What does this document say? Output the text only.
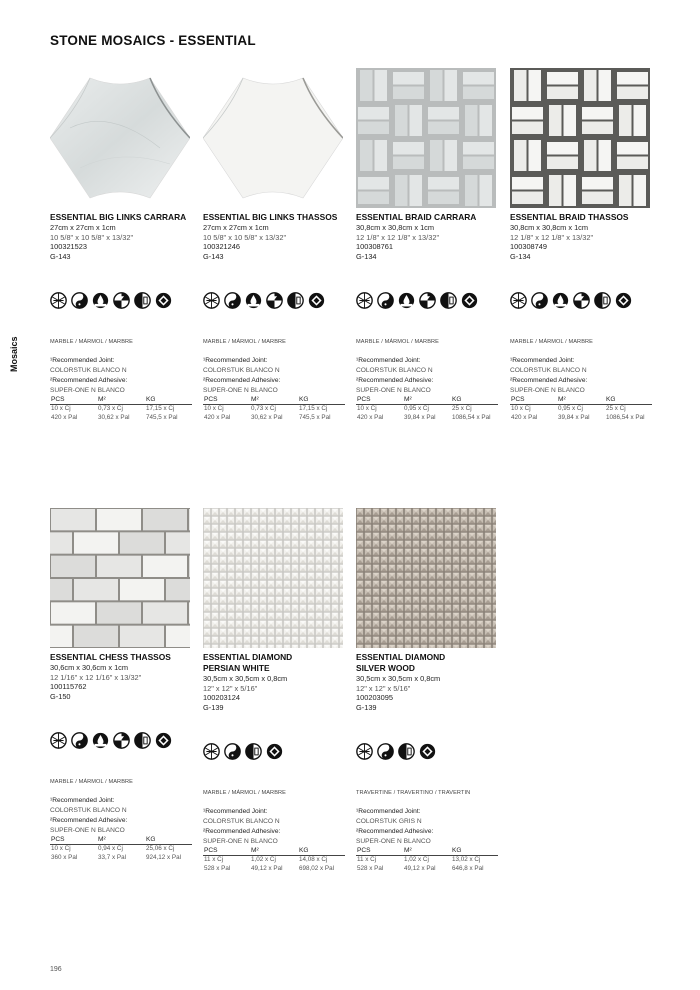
STONE MOSAICS - ESSENTIAL
Mosaics
196
ESSENTIAL BIG LINKS CARRARA
27cm x 27cm x 1cm
10 5/8" x 10 5/8" x 13/32"
100321523
G-143
MARBLE / MÁRMOL / MARBRE
¹Recommended Joint:
COLORSTUK BLANCO N
²Recommended Adhesive:
SUPER-ONE N BLANCO
PCS	M²	KG
10 x Cj	0,73 x Cj	17,15 x Cj
420 x Pal	30,62 x Pal	745,5 x Pal
ESSENTIAL BIG LINKS THASSOS
27cm x 27cm x 1cm
10 5/8" x 10 5/8" x 13/32"
100321246
G-143
MARBLE / MÁRMOL / MARBRE
¹Recommended Joint:
COLORSTUK BLANCO N
²Recommended Adhesive:
SUPER-ONE N BLANCO
PCS	M²	KG
10 x Cj	0,73 x Cj	17,15 x Cj
420 x Pal	30,62 x Pal	745,5 x Pal
ESSENTIAL BRAID CARRARA
30,8cm x 30,8cm x 1cm
12 1/8" x 12 1/8" x 13/32"
100308761
G-134
MARBLE / MÁRMOL / MARBRE
¹Recommended Joint:
COLORSTUK BLANCO N
²Recommended Adhesive:
SUPER-ONE N BLANCO
PCS	M²	KG
10 x Cj	0,95 x Cj	25 x Cj
420 x Pal	39,84 x Pal	1086,54 x Pal
ESSENTIAL BRAID THASSOS
30,8cm x 30,8cm x 1cm
12 1/8" x 12 1/8" x 13/32"
100308749
G-134
MARBLE / MÁRMOL / MARBRE
¹Recommended Joint:
COLORSTUK BLANCO N
²Recommended Adhesive:
SUPER-ONE N BLANCO
PCS	M²	KG
10 x Cj	0,95 x Cj	25 x Cj
420 x Pal	39,84 x Pal	1086,54 x Pal
ESSENTIAL CHESS THASSOS
30,6cm x 30,6cm x 1cm
12 1/16" x 12 1/16" x 13/32"
100115762
G-150
MARBLE / MÁRMOL / MARBRE
¹Recommended Joint:
COLORSTUK BLANCO N
²Recommended Adhesive:
SUPER-ONE N BLANCO
PCS	M²	KG
10 x Cj	0,94 x Cj	25,06 x Cj
360 x Pal	33,7 x Pal	924,12 x Pal
ESSENTIAL DIAMOND
PERSIAN WHITE
30,5cm x 30,5cm x 0,8cm
12" x 12" x 5/16"
100203124
G-139
MARBLE / MÁRMOL / MARBRE
¹Recommended Joint:
COLORSTUK BLANCO N
²Recommended Adhesive:
SUPER-ONE N BLANCO
PCS	M²	KG
11 x Cj	1,02 x Cj	14,08 x Cj
528 x Pal	49,12 x Pal	698,02 x Pal
ESSENTIAL DIAMOND
SILVER WOOD
30,5cm x 30,5cm x 0,8cm
12" x 12" x 5/16"
100203095
G-139
TRAVERTINE / TRAVERTINO / TRAVERTIN
¹Recommended Joint:
COLORSTUK GRIS N
²Recommended Adhesive:
SUPER-ONE N BLANCO
PCS	M²	KG
11 x Cj	1,02 x Cj	13,02 x Cj
528 x Pal	49,12 x Pal	646,8 x Pal
